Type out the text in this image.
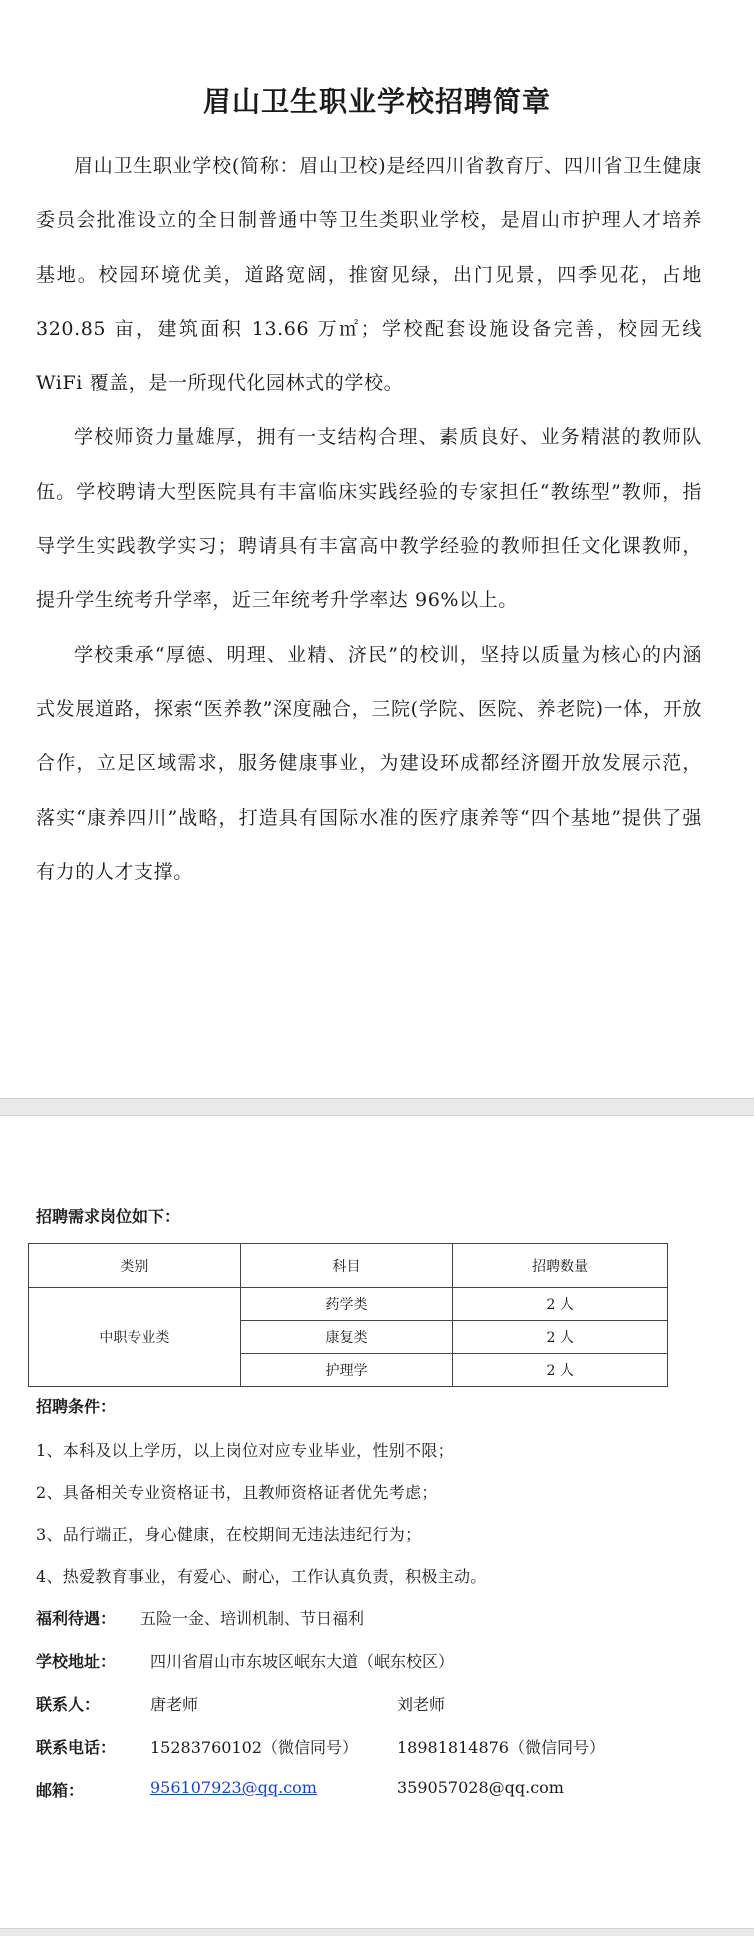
眉山卫生职业学校招聘简章

眉山卫生职业学校(简称：眉山卫校)是经四川省教育厅、四川省卫生健康委员会批准设立的全日制普通中等卫生类职业学校，是眉山市护理人才培养基地。校园环境优美，道路宽阔，推窗见绿，出门见景，四季见花，占地 320.85 亩，建筑面积 13.66 万㎡；学校配套设施设备完善，校园无线 WiFi 覆盖，是一所现代化园林式的学校。

学校师资力量雄厚，拥有一支结构合理、素质良好、业务精湛的教师队伍。学校聘请大型医院具有丰富临床实践经验的专家担任“教练型”教师，指导学生实践教学实习；聘请具有丰富高中教学经验的教师担任文化课教师，提升学生统考升学率，近三年统考升学率达 96%以上。

学校秉承“厚德、明理、业精、济民”的校训，坚持以质量为核心的内涵式发展道路，探索“医养教”深度融合，三院(学院、医院、养老院)一体，开放合作，立足区域需求，服务健康事业，为建设环成都经济圈开放发展示范，落实“康养四川”战略，打造具有国际水准的医疗康养等“四个基地”提供了强有力的人才支撑。

招聘需求岗位如下：
类别	科目	招聘数量
中职专业类	药学类	2 人
	康复类	2 人
	护理学	2 人
招聘条件：
1、本科及以上学历，以上岗位对应专业毕业，性别不限；
2、具备相关专业资格证书，且教师资格证者优先考虑；
3、品行端正，身心健康，在校期间无违法违纪行为；
4、热爱教育事业，有爱心、耐心，工作认真负责，积极主动。
福利待遇： 五险一金、培训机制、节日福利
学校地址： 四川省眉山市东坡区岷东大道（岷东校区）
联系人：	唐老师	刘老师
联系电话： 15283760102（微信同号） 18981814876（微信同号）
邮箱：	956107923@qq.com	359057028@qq.com
